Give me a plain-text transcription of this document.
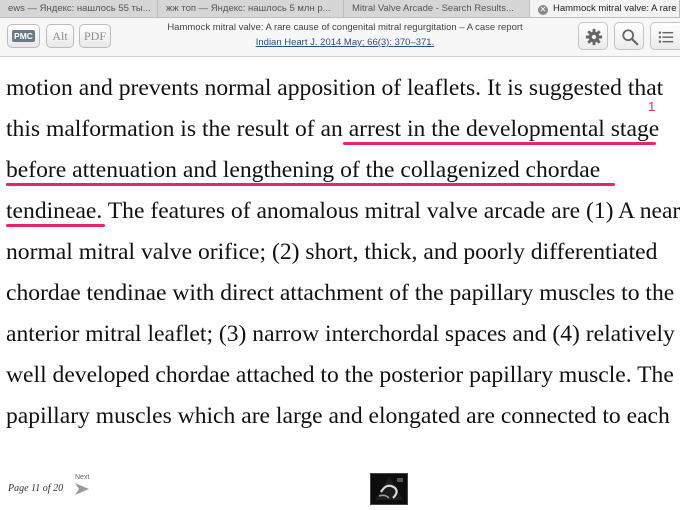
ews — Яндекс: нашлось 55 ты...	жж топ — Яндекс: нашлось 5 млн р...	Mitral Valve Arcade - Search Results...	✕ Hammock mitral valve: A rare
PMC	Alt	PDF
Hammock mitral valve: A rare cause of congenital mitral regurgitation – A case report
Indian Heart J. 2014 May; 66(3): 370–371.
motion and prevents normal apposition of leaflets. It is suggested that
this malformation is the result of an arrest in the developmental stage
before attenuation and lengthening of the collagenized chordae
tendineae. The features of anomalous mitral valve arcade are (1) A near
normal mitral valve orifice; (2) short, thick, and poorly differentiated
chordae tendinae with direct attachment of the papillary muscles to the
anterior mitral leaflet; (3) narrow interchordal spaces and (4) relatively
well developed chordae attached to the posterior papillary muscle. The
papillary muscles which are large and elongated are connected to each
1
Page 11 of 20
Next
